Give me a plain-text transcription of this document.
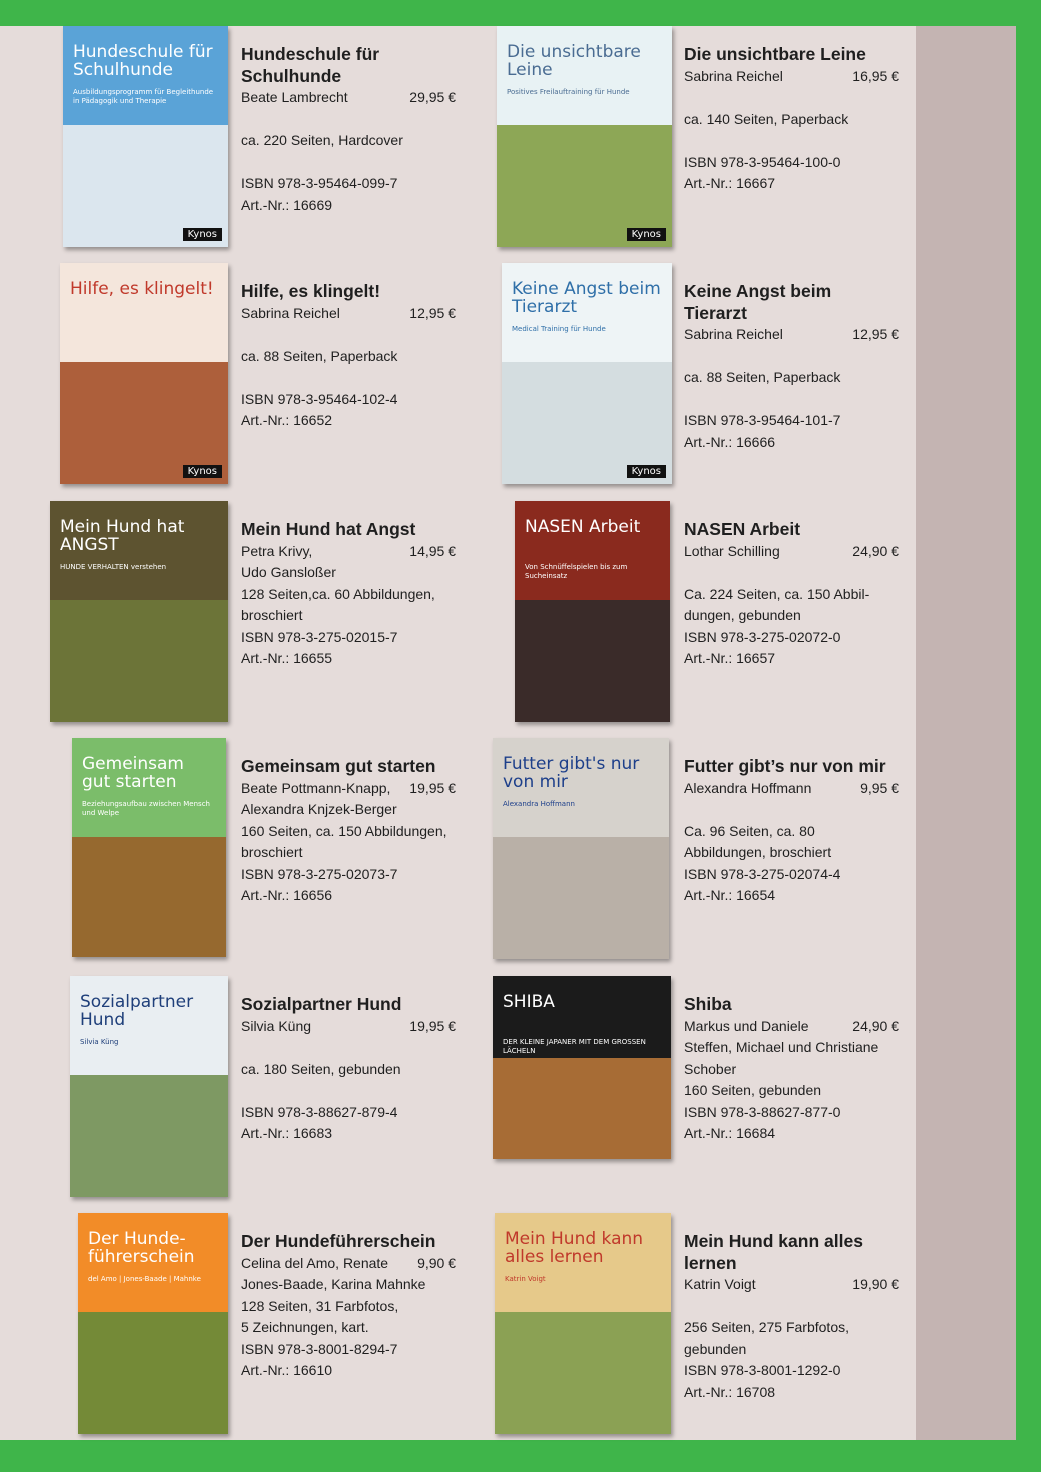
Hundeschule für Schulhunde
Ausbildungsprogramm für Begleithunde in Pädagogik und Therapie
Kynos
Hundeschule für
Schulhunde
Beate Lambrecht	29,95 €
ca. 220 Seiten, Hardcover
ISBN 978-3-95464-099-7
Art.-Nr.: 16669
Die unsichtbare Leine
Positives Freilauftraining für Hunde
Kynos
Die unsichtbare Leine
Sabrina Reichel	16,95 €
ca. 140 Seiten, Paperback
ISBN 978-3-95464-100-0
Art.-Nr.: 16667
Hilfe, es klingelt!
Kynos
Hilfe, es klingelt!
Sabrina Reichel	12,95 €
ca. 88 Seiten, Paperback
ISBN 978-3-95464-102-4
Art.-Nr.: 16652
Keine Angst beim Tierarzt
Medical Training für Hunde
Kynos
Keine Angst beim
Tierarzt
Sabrina Reichel	12,95 €
ca. 88 Seiten, Paperback
ISBN 978-3-95464-101-7
Art.-Nr.: 16666
Mein Hund hat ANGST
HUNDE VERHALTEN verstehen
Mein Hund hat Angst
Petra Krivy,	14,95 €
Udo Gansloßer
128 Seiten,ca. 60 Abbildungen,
broschiert
ISBN 978-3-275-02015-7
Art.-Nr.: 16655
NASEN Arbeit
Von Schnüffelspielen bis zum Sucheinsatz
NASEN Arbeit
Lothar Schilling	24,90 €
Ca. 224 Seiten, ca. 150 Abbil-
dungen, gebunden
ISBN 978-3-275-02072-0
Art.-Nr.: 16657
Gemeinsam gut starten
Beziehungsaufbau zwischen Mensch und Welpe
Gemeinsam gut starten
Beate Pottmann-Knapp, 19,95 €
Alexandra Knjzek-Berger
160 Seiten, ca. 150 Abbildungen,
broschiert
ISBN 978-3-275-02073-7
Art.-Nr.: 16656
Futter gibt's nur von mir
Alexandra Hoffmann
Futter gibt’s nur von mir
Alexandra Hoffmann	9,95 €
Ca. 96 Seiten, ca. 80
Abbildungen, broschiert
ISBN 978-3-275-02074-4
Art.-Nr.: 16654
Sozialpartner Hund
Silvia Küng
Sozialpartner Hund
Silvia Küng	19,95 €
ca. 180 Seiten, gebunden
ISBN 978-3-88627-879-4
Art.-Nr.: 16683
SHIBA
DER KLEINE JAPANER MIT DEM GROSSEN LÄCHELN
Shiba
Markus und Daniele	24,90 €
Steffen, Michael und Christiane
Schober
160 Seiten, gebunden
ISBN 978-3-88627-877-0
Art.-Nr.: 16684
Der Hunde-führerschein
del Amo | Jones-Baade | Mahnke
Der Hundeführerschein
Celina del Amo, Renate 9,90 €
Jones-Baade, Karina Mahnke
128 Seiten, 31 Farbfotos,
5 Zeichnungen, kart.
ISBN 978-3-8001-8294-7
Art.-Nr.: 16610
Mein Hund kann alles lernen
Katrin Voigt
Mein Hund kann alles
lernen
Katrin Voigt	19,90 €
256 Seiten, 275 Farbfotos,
gebunden
ISBN 978-3-8001-1292-0
Art.-Nr.: 16708
